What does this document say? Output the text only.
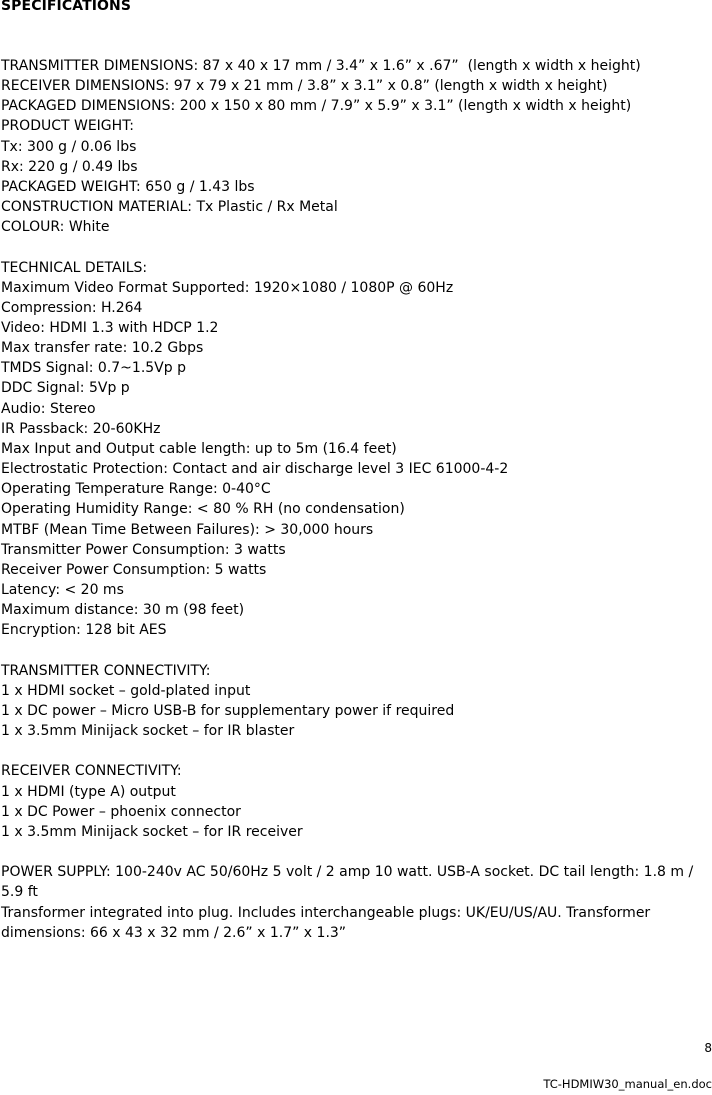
SPECIFICATIONS
TRANSMITTER DIMENSIONS: 87 x 40 x 17 mm / 3.4” x 1.6” x .67”  (length x width x height)
RECEIVER DIMENSIONS: 97 x 79 x 21 mm / 3.8” x 3.1” x 0.8” (length x width x height)
PACKAGED DIMENSIONS: 200 x 150 x 80 mm / 7.9” x 5.9” x 3.1” (length x width x height)
PRODUCT WEIGHT:
Tx: 300 g / 0.06 lbs
Rx: 220 g / 0.49 lbs
PACKAGED WEIGHT: 650 g / 1.43 lbs
CONSTRUCTION MATERIAL: Tx Plastic / Rx Metal
COLOUR: White
TECHNICAL DETAILS:
Maximum Video Format Supported: 1920×1080 / 1080P @ 60Hz
Compression: H.264
Video: HDMI 1.3 with HDCP 1.2
Max transfer rate: 10.2 Gbps
TMDS Signal: 0.7~1.5Vp p
DDC Signal: 5Vp p
Audio: Stereo
IR Passback: 20-60KHz
Max Input and Output cable length: up to 5m (16.4 feet)
Electrostatic Protection: Contact and air discharge level 3 IEC 61000-4-2
Operating Temperature Range: 0-40°C
Operating Humidity Range: < 80 % RH (no condensation)
MTBF (Mean Time Between Failures): > 30,000 hours
Transmitter Power Consumption: 3 watts
Receiver Power Consumption: 5 watts
Latency: < 20 ms
Maximum distance: 30 m (98 feet)
Encryption: 128 bit AES
TRANSMITTER CONNECTIVITY:
1 x HDMI socket – gold-plated input
1 x DC power – Micro USB-B for supplementary power if required
1 x 3.5mm Minijack socket – for IR blaster
RECEIVER CONNECTIVITY:
1 x HDMI (type A) output
1 x DC Power – phoenix connector
1 x 3.5mm Minijack socket – for IR receiver
POWER SUPPLY: 100-240v AC 50/60Hz 5 volt / 2 amp 10 watt. USB-A socket. DC tail length: 1.8 m / 5.9 ft
Transformer integrated into plug. Includes interchangeable plugs: UK/EU/US/AU. Transformer dimensions: 66 x 43 x 32 mm / 2.6” x 1.7” x 1.3”
8
TC-HDMIW30_manual_en.doc
